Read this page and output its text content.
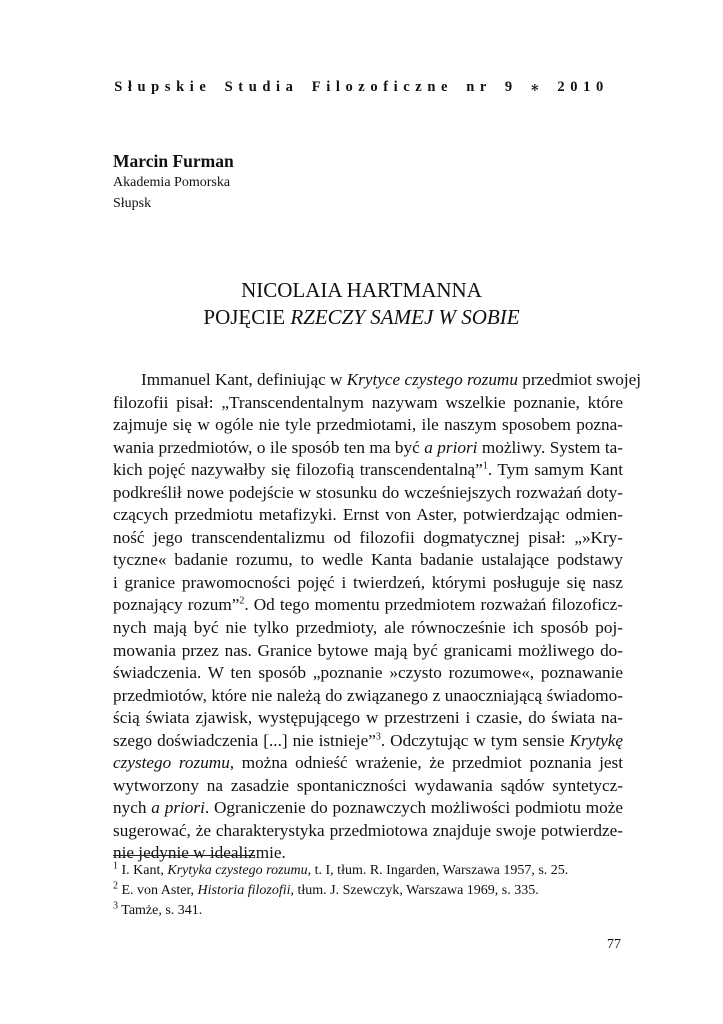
Słupskie Studia Filozoficzne nr 9 ⁎ 2010
Marcin Furman
Akademia Pomorska
Słupsk
NICOLAIA HARTMANNA
POJĘCIE RZECZY SAMEJ W SOBIE
Immanuel Kant, definiując w Krytyce czystego rozumu przedmiot swojej
filozofii pisał: „Transcendentalnym nazywam wszelkie poznanie, które
zajmuje się w ogóle nie tyle przedmiotami, ile naszym sposobem pozna-
wania przedmiotów, o ile sposób ten ma być a priori możliwy. System ta-
kich pojęć nazywałby się filozofią transcendentalną”$^1$. Tym samym Kant
podkreślił nowe podejście w stosunku do wcześniejszych rozważań doty-
czących przedmiotu metafizyki. Ernst von Aster, potwierdzając odmien-
ność jego transcendentalizmu od filozofii dogmatycznej pisał: „»Kry-
tyczne« badanie rozumu, to wedle Kanta badanie ustalające podstawy
i granice prawomocności pojęć i twierdzeń, którymi posługuje się nasz
poznający rozum”$^2$. Od tego momentu przedmiotem rozważań filozoficz-
nych mają być nie tylko przedmioty, ale równocześnie ich sposób poj-
mowania przez nas. Granice bytowe mają być granicami możliwego do-
świadczenia. W ten sposób „poznanie »czysto rozumowe«, poznawanie
przedmiotów, które nie należą do związanego z unaoczniającą świadomo-
ścią świata zjawisk, występującego w przestrzeni i czasie, do świata na-
szego doświadczenia [...] nie istnieje”$^3$. Odczytując w tym sensie Krytykę
czystego rozumu, można odnieść wrażenie, że przedmiot poznania jest
wytworzony na zasadzie spontaniczności wydawania sądów syntetycz-
nych a priori. Ograniczenie do poznawczych możliwości podmiotu może
sugerować, że charakterystyka przedmiotowa znajduje swoje potwierdze-
nie jedynie w idealizmie.
$^1$ I. Kant, Krytyka czystego rozumu, t. I, tłum. R. Ingarden, Warszawa 1957, s. 25.
$^2$ E. von Aster, Historia filozofii, tłum. J. Szewczyk, Warszawa 1969, s. 335.
$^3$ Tamże, s. 341.
77
